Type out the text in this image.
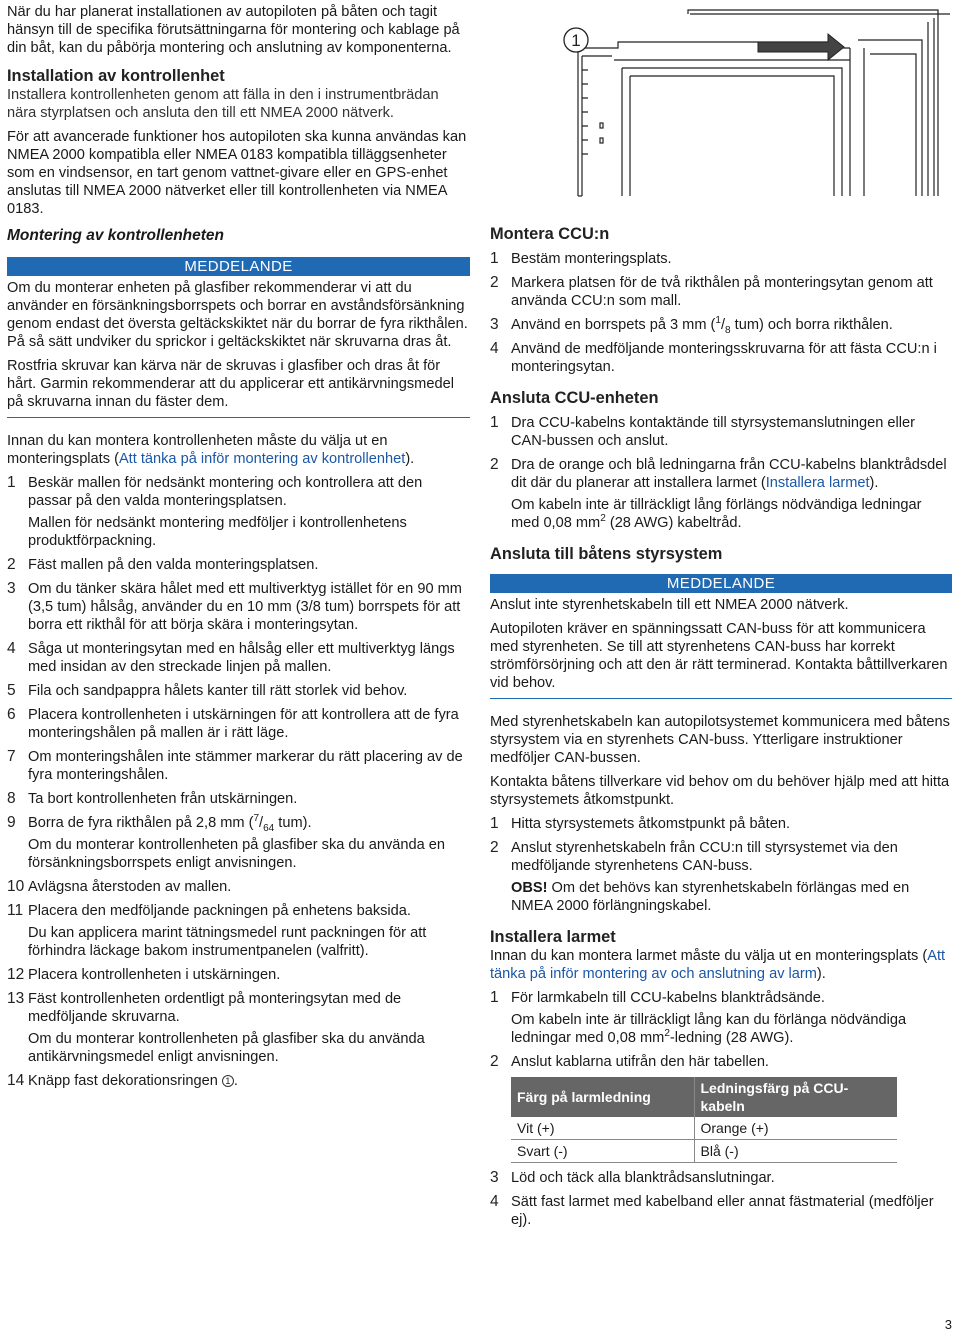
När du har planerat installationen av autopiloten på båten och tagit hänsyn till de specifika förutsättningarna för montering och kablage på din båt, kan du påbörja montering och anslutning av komponenterna.

Installation av kontrollenhet

Installera kontrollenheten genom att fälla in den i instrumentbrädan nära styrplatsen och ansluta den till ett NMEA 2000 nätverk.

För att avancerade funktioner hos autopiloten ska kunna användas kan NMEA 2000 kompatibla eller NMEA 0183 kompatibla tilläggsenheter som en vindsensor, en tart genom vattnet-givare eller en GPS-enhet anslutas till NMEA 2000 nätverket eller till kontrollenheten via NMEA 0183.

Montering av kontrollenheten
MEDDELANDE

Om du monterar enheten på glasfiber rekommenderar vi att du använder en försänkningsborrspets och borrar en avståndsförsänkning genom endast det översta geltäckskiktet när du borrar de fyra rikthålen. På så sätt undviker du sprickor i geltäckskiktet när skruvarna dras åt.

Rostfria skruvar kan kärva när de skruvas i glasfiber och dras åt för hårt. Garmin rekommenderar att du applicerar ett antikärvningsmedel på skruvarna innan du fäster dem.

Innan du kan montera kontrollenheten måste du välja ut en monteringsplats (Att tänka på inför montering av kontrollenhet).

1 Beskär mallen för nedsänkt montering och kontrollera att den passar på den valda monteringsplatsen.
Mallen för nedsänkt montering medföljer i kontrollenhetens produktförpackning.
2 Fäst mallen på den valda monteringsplatsen.
3 Om du tänker skära hålet med ett multiverktyg istället för en 90 mm (3,5 tum) hålsåg, använder du en 10 mm (3/8 tum) borrspets för att borra ett rikthål för att börja skära i monteringsytan.
4 Såga ut monteringsytan med en hålsåg eller ett multiverktyg längs med insidan av den streckade linjen på mallen.
5 Fila och sandpappra hålets kanter till rätt storlek vid behov.
6 Placera kontrollenheten i utskärningen för att kontrollera att de fyra monteringshålen på mallen är i rätt läge.
7 Om monteringshålen inte stämmer markerar du rätt placering av de fyra monteringshålen.
8 Ta bort kontrollenheten från utskärningen.
9 Borra de fyra rikthålen på 2,8 mm ($^7/_{64}$ tum).
Om du monterar kontrollenheten på glasfiber ska du använda en försänkningsborrspets enligt anvisningen.
10 Avlägsna återstoden av mallen.
11 Placera den medföljande packningen på enhetens baksida.
Du kan applicera marint tätningsmedel runt packningen för att förhindra läckage bakom instrumentpanelen (valfritt).
12 Placera kontrollenheten i utskärningen.
13 Fäst kontrollenheten ordentligt på monteringsytan med de medföljande skruvarna.
Om du monterar kontrollenheten på glasfiber ska du använda antikärvningsmedel enligt anvisningen.
14 Knäpp fast dekorationsringen 1 .
1
Montera CCU:n
1 Bestäm monteringsplats.
2 Markera platsen för de två rikthålen på monteringsytan genom att använda CCU:n som mall.
3 Använd en borrspets på 3 mm ($^1/_8$ tum) och borra rikthålen.
4 Använd de medföljande monteringsskruvarna för att fästa CCU:n i monteringsytan.
Ansluta CCU-enheten
1 Dra CCU-kabelns kontaktände till styrsystemanslutningen eller CAN-bussen och anslut.
2 Dra de orange och blå ledningarna från CCU-kabelns blanktrådsdel dit där du planerar att installera larmet (Installera larmet).
Om kabeln inte är tillräckligt lång förlängs nödvändiga ledningar med 0,08 $mm^2$ (28 AWG) kabeltråd.
Ansluta till båtens styrsystem
MEDDELANDE

Anslut inte styrenhetskabeln till ett NMEA 2000 nätverk.

Autopiloten kräver en spänningssatt CAN-buss för att kommunicera med styrenheten. Se till att styrenhetens CAN-buss har korrekt strömförsörjning och att den är rätt terminerad. Kontakta båttillverkaren vid behov.

Med styrenhetskabeln kan autopilotsystemet kommunicera med båtens styrsystem via en styrenhets CAN-buss. Ytterligare instruktioner medföljer CAN-bussen.

Kontakta båtens tillverkare vid behov om du behöver hjälp med att hitta styrsystemets åtkomstpunkt.

1 Hitta styrsystemets åtkomstpunkt på båten.
2 Anslut styrenhetskabeln från CCU:n till styrsystemet via den medföljande styrenhetens CAN-buss.
OBS! Om det behövs kan styrenhetskabeln förlängas med en NMEA 2000 förlängningskabel.
Installera larmet

Innan du kan montera larmet måste du välja ut en monteringsplats (Att tänka på inför montering av och anslutning av larm).

1 För larmkabeln till CCU-kabelns blanktrådsände.
Om kabeln inte är tillräckligt lång kan du förlänga nödvändiga ledningar med 0,08 $mm^2$-ledning (28 AWG).
2 Anslut kablarna utifrån den här tabellen.
Färg på larmledning	Ledningsfärg på CCU-kabeln
Vit (+)	Orange (+)
Svart (-)	Blå (-)
3 Löd och täck alla blanktrådsanslutningar.
4 Sätt fast larmet med kabelband eller annat fästmaterial (medföljer ej).
3
